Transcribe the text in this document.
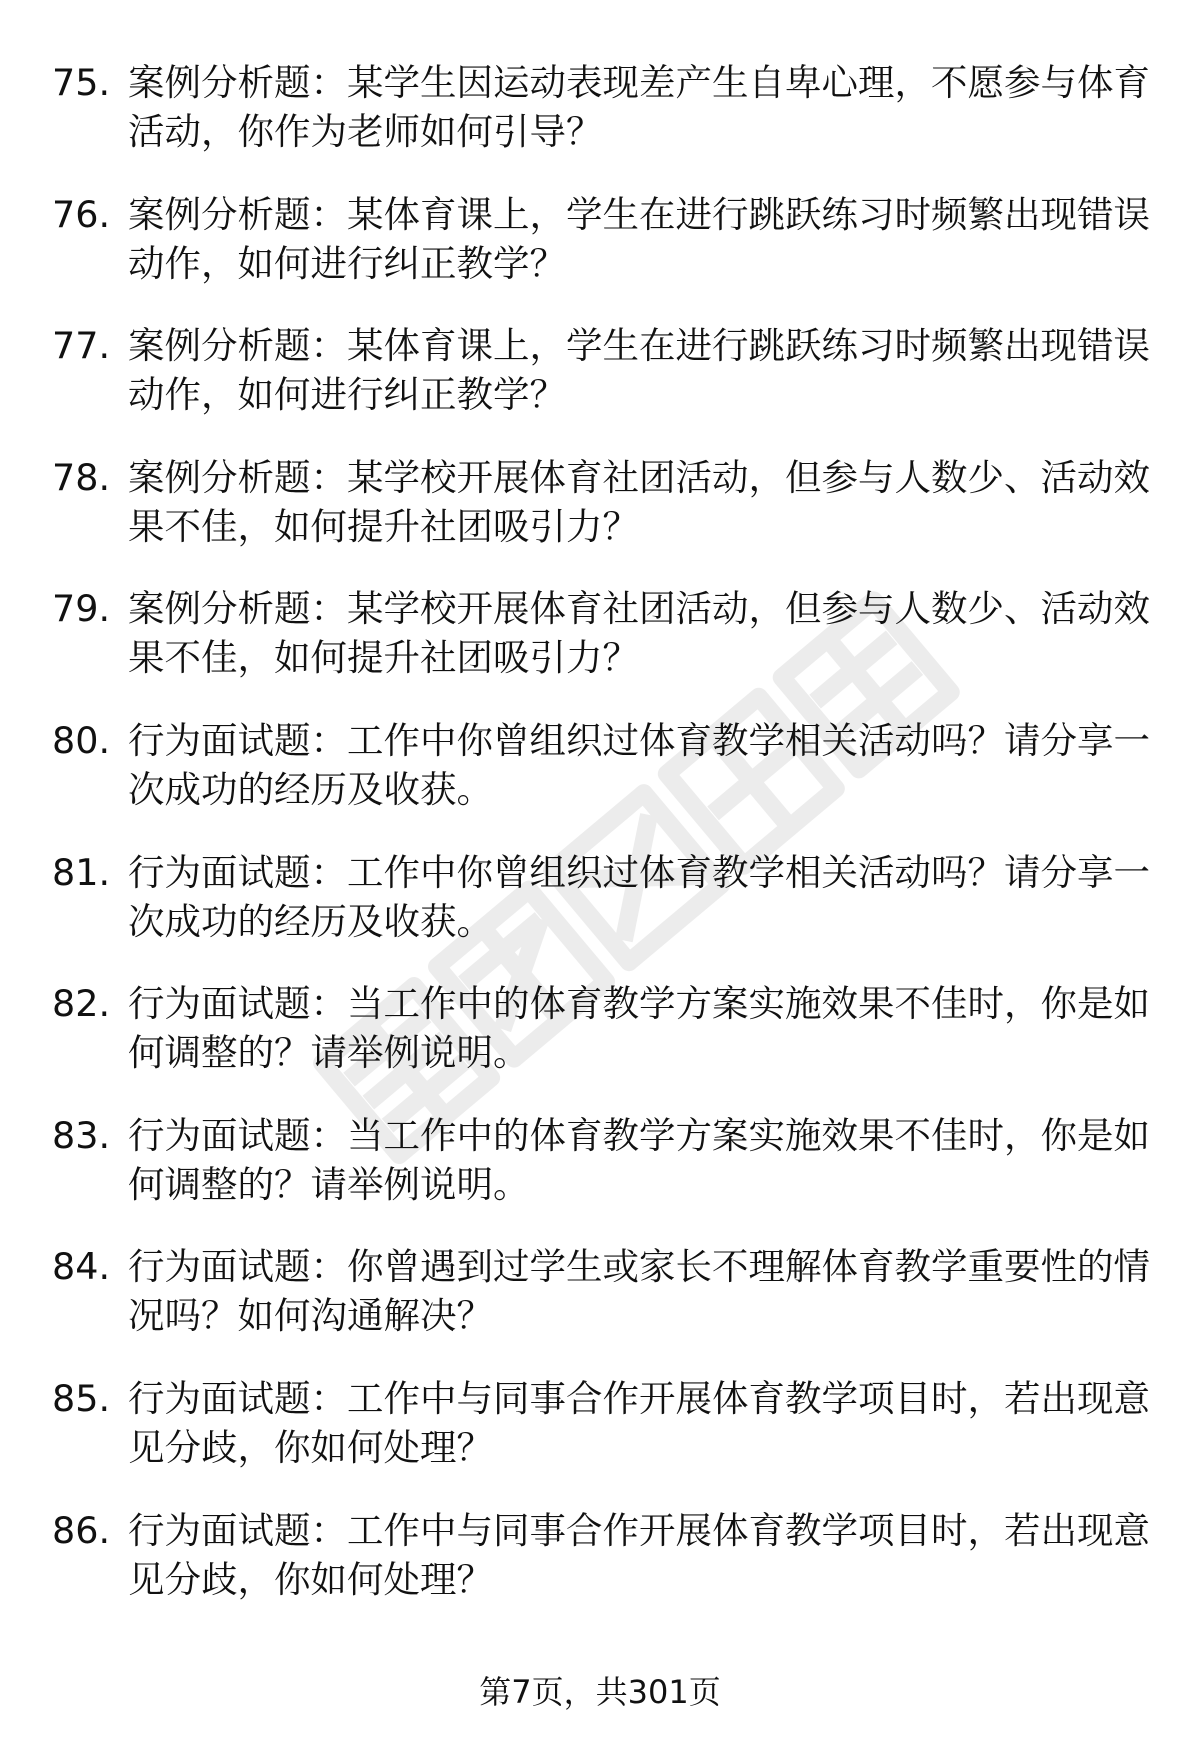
75. 案例分析题：某学生因运动表现差产生自卑心理，不愿参与体育
活动，你作为老师如何引导？
76. 案例分析题：某体育课上，学生在进行跳跃练习时频繁出现错误
动作，如何进行纠正教学？
77. 案例分析题：某体育课上，学生在进行跳跃练习时频繁出现错误
动作，如何进行纠正教学？
78. 案例分析题：某学校开展体育社团活动，但参与人数少、活动效
果不佳，如何提升社团吸引力？
79. 案例分析题：某学校开展体育社团活动，但参与人数少、活动效
果不佳，如何提升社团吸引力？
80. 行为面试题：工作中你曾组织过体育教学相关活动吗？请分享一
次成功的经历及收获。
81. 行为面试题：工作中你曾组织过体育教学相关活动吗？请分享一
次成功的经历及收获。
82. 行为面试题：当工作中的体育教学方案实施效果不佳时，你是如
何调整的？请举例说明。
83. 行为面试题：当工作中的体育教学方案实施效果不佳时，你是如
何调整的？请举例说明。
84. 行为面试题：你曾遇到过学生或家长不理解体育教学重要性的情
况吗？如何沟通解决？
85. 行为面试题：工作中与同事合作开展体育教学项目时，若出现意
见分歧，你如何处理？
86. 行为面试题：工作中与同事合作开展体育教学项目时，若出现意
见分歧，你如何处理？
第7页，共301页
